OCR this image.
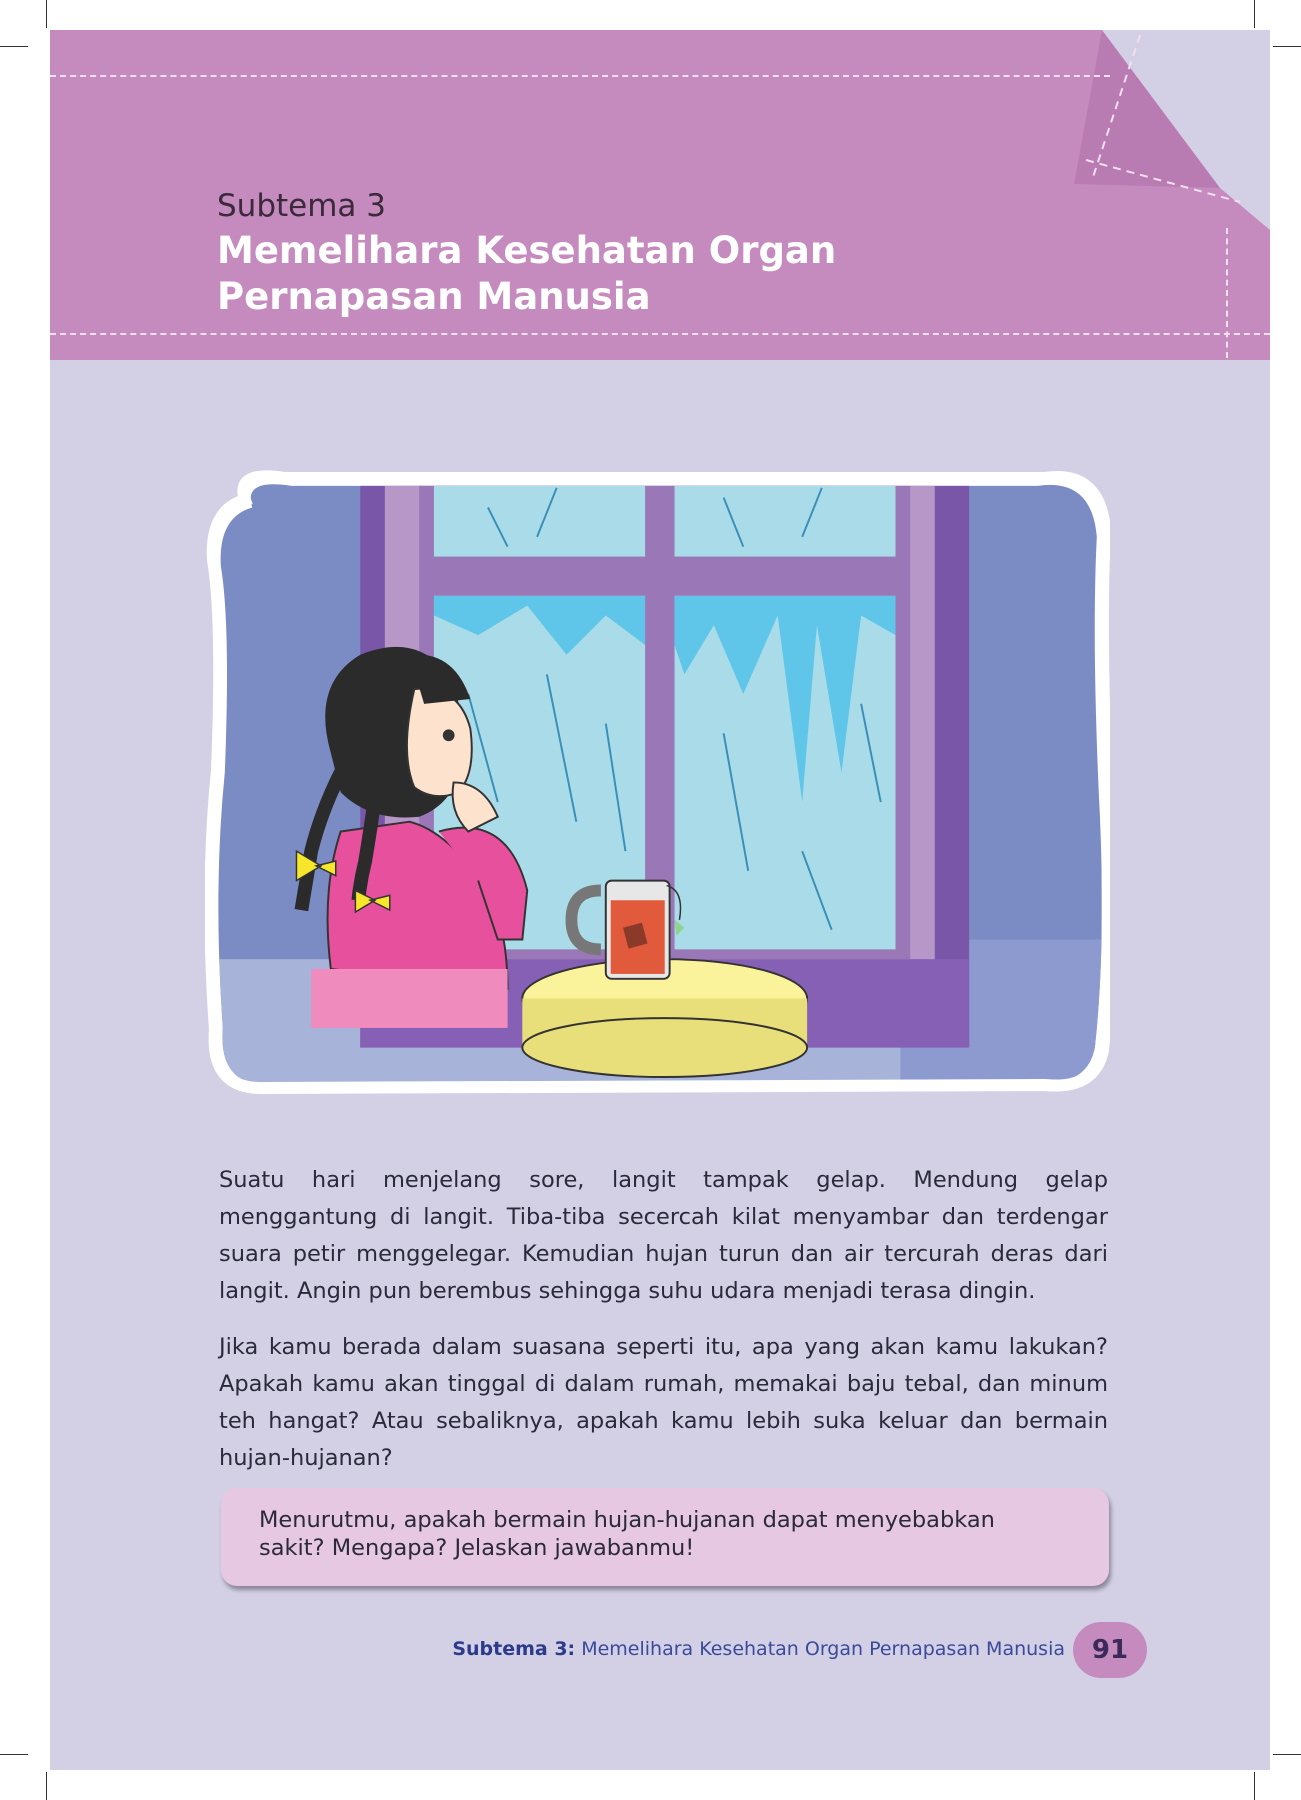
Subtema 3
Memelihara Kesehatan Organ
Pernapasan Manusia
Suatu hari menjelang sore, langit tampak gelap. Mendung gelap menggantung di langit. Tiba-tiba secercah kilat menyambar dan terdengar suara petir menggelegar. Kemudian hujan turun dan air tercurah deras dari langit. Angin pun berembus sehingga suhu udara menjadi terasa dingin.
Jika kamu berada dalam suasana seperti itu, apa yang akan kamu lakukan? Apakah kamu akan tinggal di dalam rumah, memakai baju tebal, dan minum teh hangat? Atau sebaliknya, apakah kamu lebih suka keluar dan bermain hujan-hujanan?
Menurutmu, apakah bermain hujan-hujanan dapat menyebabkan sakit? Mengapa? Jelaskan jawabanmu!
Subtema 3: Memelihara Kesehatan Organ Pernapasan Manusia	91
